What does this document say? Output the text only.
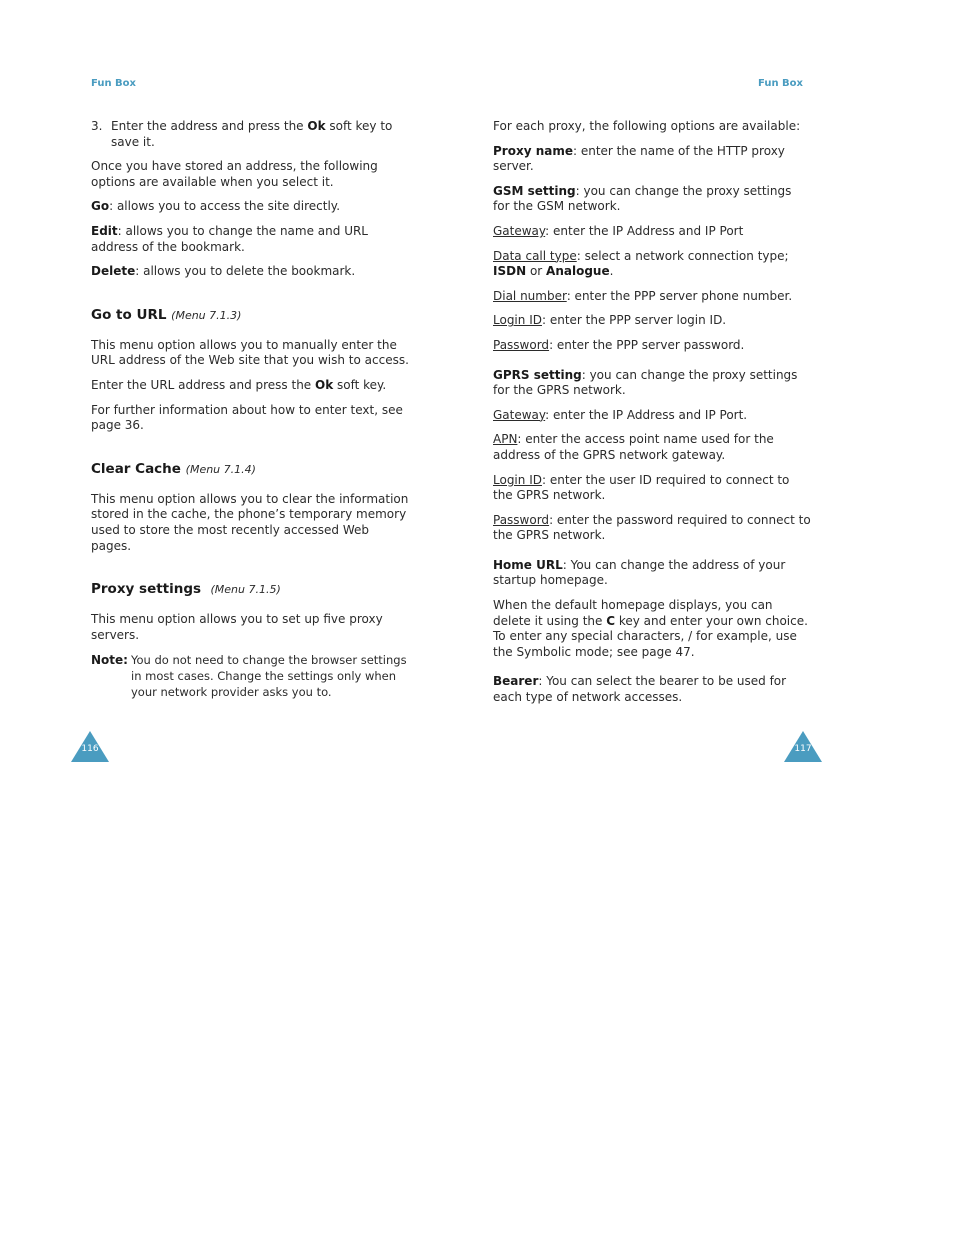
Fun Box	Fun Box
3. Enter the address and press the Ok soft key to save it.

Once you have stored an address, the following options are available when you select it.

Go: allows you to access the site directly.

Edit: allows you to change the name and URL address of the bookmark.

Delete: allows you to delete the bookmark.

Go to URL (Menu 7.1.3)

This menu option allows you to manually enter the URL address of the Web site that you wish to access.

Enter the URL address and press the Ok soft key.

For further information about how to enter text, see page 36.

Clear Cache (Menu 7.1.4)

This menu option allows you to clear the information stored in the cache, the phone’s temporary memory used to store the most recently accessed Web pages.

Proxy settings (Menu 7.1.5)

This menu option allows you to set up five proxy servers.

Note: You do not need to change the browser settings in most cases. Change the settings only when your network provider asks you to.

For each proxy, the following options are available:

Proxy name: enter the name of the HTTP proxy server.

GSM setting: you can change the proxy settings for the GSM network.

Gateway: enter the IP Address and IP Port

Data call type: select a network connection type; ISDN or Analogue.

Dial number: enter the PPP server phone number.

Login ID: enter the PPP server login ID.

Password: enter the PPP server password.

GPRS setting: you can change the proxy settings for the GPRS network.

Gateway: enter the IP Address and IP Port.

APN: enter the access point name used for the address of the GPRS network gateway.

Login ID: enter the user ID required to connect to the GPRS network.

Password: enter the password required to connect to the GPRS network.

Home URL: You can change the address of your startup homepage.

When the default homepage displays, you can delete it using the C key and enter your own choice. To enter any special characters, / for example, use the Symbolic mode; see page 47.

Bearer: You can select the bearer to be used for each type of network accesses.

116	117
